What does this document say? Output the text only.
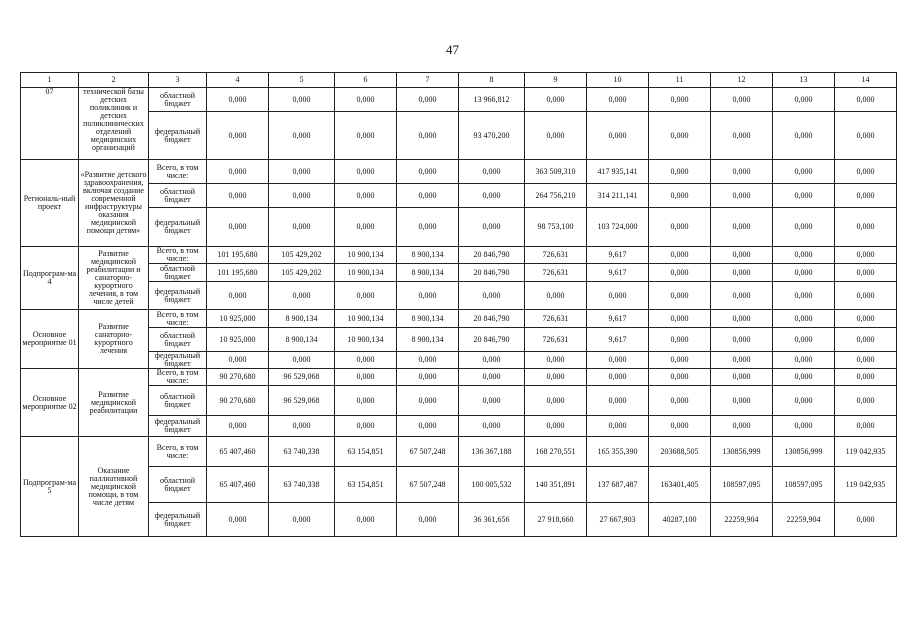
47
1	2	3	4	5	6	7	8	9	10	11	12	13	14
07	технической базы детских поликлиник и детских поликлинических отделений медицинских организаций	областной бюджет	0,000	0,000	0,000	0,000	13 966,812	0,000	0,000	0,000	0,000	0,000	0,000
		федеральный бюджет	0,000	0,000	0,000	0,000	93 470,200	0,000	0,000	0,000	0,000	0,000	0,000
Региональ-ный проект	«Развитие детского здравоохранения, включая создание современной инфраструктуры оказания медицинской помощи детям»	Всего, в том числе:	0,000	0,000	0,000	0,000	0,000	363 509,310	417 935,141	0,000	0,000	0,000	0,000
		областной бюджет	0,000	0,000	0,000	0,000	0,000	264 756,210	314 211,141	0,000	0,000	0,000	0,000
		федеральный бюджет	0,000	0,000	0,000	0,000	0,000	98 753,100	103 724,000	0,000	0,000	0,000	0,000
Подпрограм-ма 4	Развитие медицинской реабилитации и санаторно-курортного лечения, в том числе детей	Всего, в том числе:	101 195,680	105 429,202	10 900,134	8 900,134	20 846,790	726,631	9,617	0,000	0,000	0,000	0,000
		областной бюджет	101 195,680	105 429,202	10 900,134	8 900,134	20 846,790	726,631	9,617	0,000	0,000	0,000	0,000
		федеральный бюджет	0,000	0,000	0,000	0,000	0,000	0,000	0,000	0,000	0,000	0,000	0,000
Основное мероприятие 01	Развитие санаторно-курортного лечения	Всего, в том числе:	10 925,000	8 900,134	10 900,134	8 900,134	20 846,790	726,631	9,617	0,000	0,000	0,000	0,000
		областной бюджет	10 925,000	8 900,134	10 900,134	8 900,134	20 846,790	726,631	9,617	0,000	0,000	0,000	0,000
		федеральный бюджет	0,000	0,000	0,000	0,000	0,000	0,000	0,000	0,000	0,000	0,000	0,000
Основное мероприятие 02	Развитие медицинской реабилитации	Всего, в том числе:	90 270,680	96 529,068	0,000	0,000	0,000	0,000	0,000	0,000	0,000	0,000	0,000
		областной бюджет	90 270,680	96 529,068	0,000	0,000	0,000	0,000	0,000	0,000	0,000	0,000	0,000
		федеральный бюджет	0,000	0,000	0,000	0,000	0,000	0,000	0,000	0,000	0,000	0,000	0,000
Подпрограм-ма 5	Оказание паллиативной медицинской помощи, в том числе детям	Всего, в том числе:	65 407,460	63 740,338	63 154,851	67 507,248	136 367,188	168 270,551	165 355,390	203688,505	130856,999	130856,999	119 042,935
		областной бюджет	65 407,460	63 740,338	63 154,851	67 507,248	100 005,532	140 351,891	137 687,487	163401,405	108597,095	108597,095	119 042,935
		федеральный бюджет	0,000	0,000	0,000	0,000	36 361,656	27 918,660	27 667,903	40287,100	22259,904	22259,904	0,000
